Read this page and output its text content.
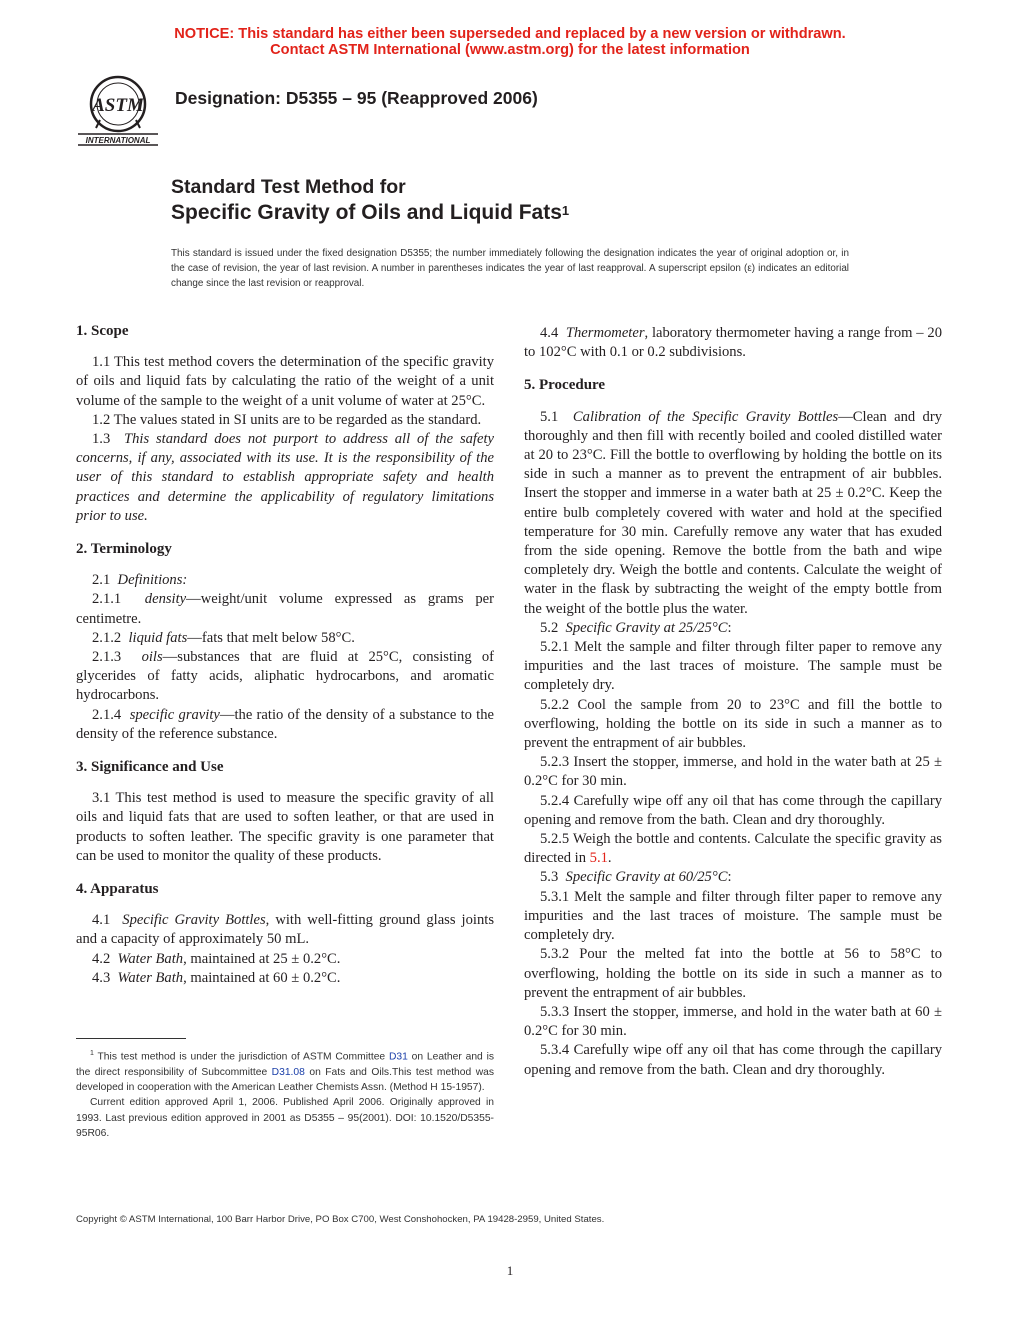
NOTICE: This standard has either been superseded and replaced by a new version or withdrawn.
Contact ASTM International (www.astm.org) for the latest information
ASTM
INTERNATIONAL
Designation: D5355 – 95 (Reapproved 2006)
Standard Test Method for
Specific Gravity of Oils and Liquid Fats$^1$
This standard is issued under the fixed designation D5355; the number immediately following the designation indicates the year of original adoption or, in the case of revision, the year of last revision. A number in parentheses indicates the year of last reapproval. A superscript epsilon (ε) indicates an editorial change since the last revision or reapproval.
1. Scope

1.1 This test method covers the determination of the specific gravity of oils and liquid fats by calculating the ratio of the weight of a unit volume of the sample to the weight of a unit volume of water at 25°C.

1.2 The values stated in SI units are to be regarded as the standard.

1.3 This standard does not purport to address all of the safety concerns, if any, associated with its use. It is the responsibility of the user of this standard to establish appropriate safety and health practices and determine the applicability of regulatory limitations prior to use.

2. Terminology

2.1 Definitions:

2.1.1 density—weight/unit volume expressed as grams per centimetre.

2.1.2 liquid fats—fats that melt below 58°C.

2.1.3 oils—substances that are fluid at 25°C, consisting of glycerides of fatty acids, aliphatic hydrocarbons, and aromatic hydrocarbons.

2.1.4 specific gravity—the ratio of the density of a substance to the density of the reference substance.

3. Significance and Use

3.1 This test method is used to measure the specific gravity of all oils and liquid fats that are used to soften leather, or that are used in products to soften leather. The specific gravity is one parameter that can be used to monitor the quality of these products.

4. Apparatus

4.1 Specific Gravity Bottles, with well-fitting ground glass joints and a capacity of approximately 50 mL.

4.2 Water Bath, maintained at 25 ± 0.2°C.

4.3 Water Bath, maintained at 60 ± 0.2°C.

4.4 Thermometer, laboratory thermometer having a range from – 20 to 102°C with 0.1 or 0.2 subdivisions.

5. Procedure

5.1 Calibration of the Specific Gravity Bottles—Clean and dry thoroughly and then fill with recently boiled and cooled distilled water at 20 to 23°C. Fill the bottle to overflowing by holding the bottle on its side in such a manner as to prevent the entrapment of air bubbles. Insert the stopper and immerse in a water bath at 25 ± 0.2°C. Keep the entire bulb completely covered with water and hold at the specified temperature for 30 min. Carefully remove any water that has exuded from the side opening. Remove the bottle from the bath and wipe completely dry. Weigh the bottle and contents. Calculate the weight of water in the flask by subtracting the weight of the empty bottle from the weight of the bottle plus the water.

5.2 Specific Gravity at 25/25°C:

5.2.1 Melt the sample and filter through filter paper to remove any impurities and the last traces of moisture. The sample must be completely dry.

5.2.2 Cool the sample from 20 to 23°C and fill the bottle to overflowing, holding the bottle on its side in such a manner as to prevent the entrapment of air bubbles.

5.2.3 Insert the stopper, immerse, and hold in the water bath at 25 ± 0.2°C for 30 min.

5.2.4 Carefully wipe off any oil that has come through the capillary opening and remove from the bath. Clean and dry thoroughly.

5.2.5 Weigh the bottle and contents. Calculate the specific gravity as directed in 5.1.

5.3 Specific Gravity at 60/25°C:

5.3.1 Melt the sample and filter through filter paper to remove any impurities and the last traces of moisture. The sample must be completely dry.

5.3.2 Pour the melted fat into the bottle at 56 to 58°C to overflowing, holding the bottle on its side in such a manner as to prevent the entrapment of air bubbles.

5.3.3 Insert the stopper, immerse, and hold in the water bath at 60 ± 0.2°C for 30 min.

5.3.4 Carefully wipe off any oil that has come through the capillary opening and remove from the bath. Clean and dry thoroughly.

$^1$ This test method is under the jurisdiction of ASTM Committee D31 on Leather and is the direct responsibility of Subcommittee D31.08 on Fats and Oils.This test method was developed in cooperation with the American Leather Chemists Assn. (Method H 15-1957).

Current edition approved April 1, 2006. Published April 2006. Originally approved in 1993. Last previous edition approved in 2001 as D5355 – 95(2001). DOI: 10.1520/D5355-95R06.

Copyright © ASTM International, 100 Barr Harbor Drive, PO Box C700, West Conshohocken, PA 19428-2959, United States.
1
